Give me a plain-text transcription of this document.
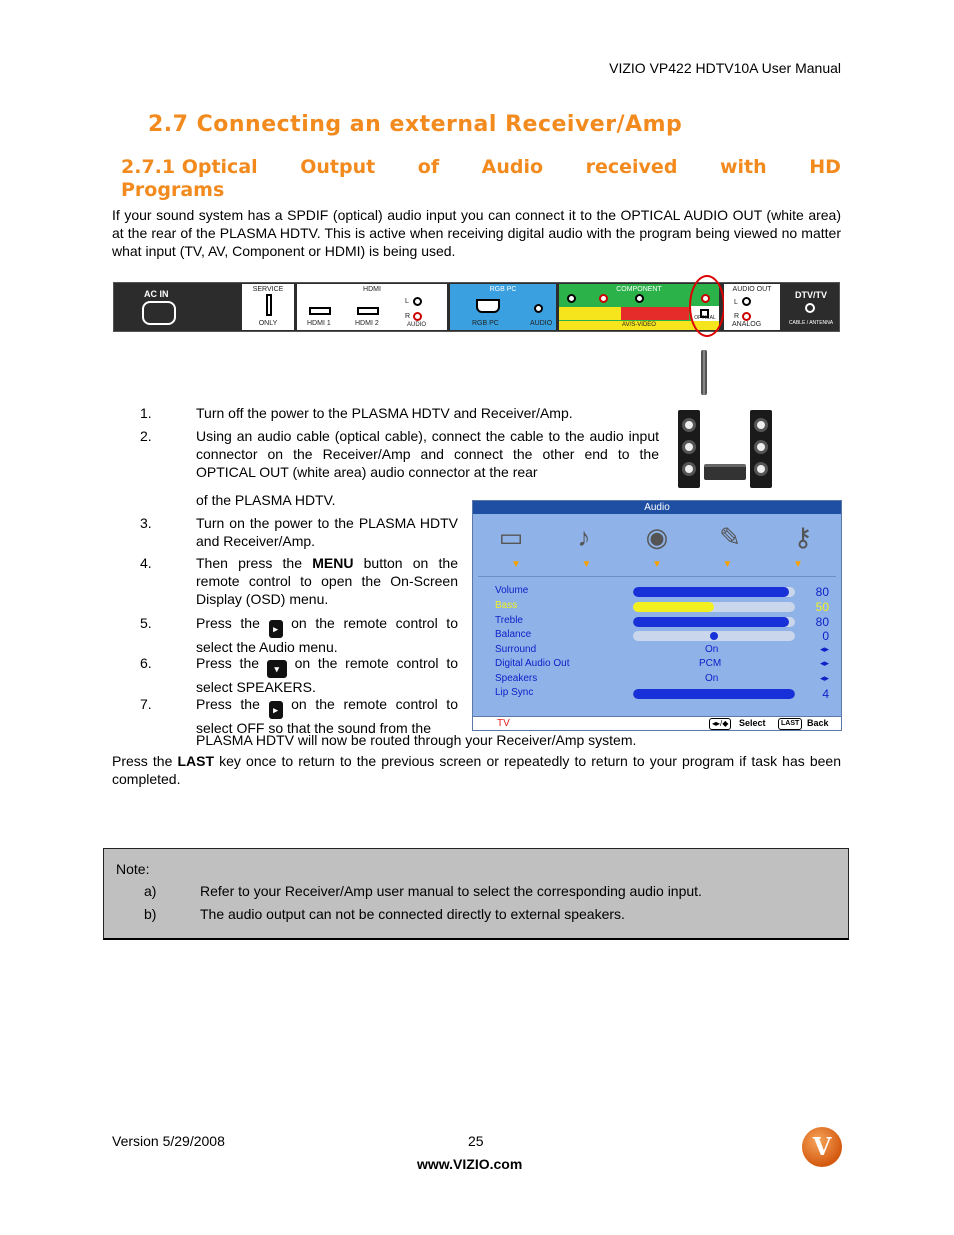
VIZIO VP422 HDTV10A User Manual
2.7 Connecting an external Receiver/Amp
2.7.1 Optical Output of Audio received with HD
Programs
If your sound system has a SPDIF (optical) audio input you can connect it to the OPTICAL AUDIO OUT (white area) at the rear of the PLASMA HDTV. This is active when receiving digital audio with the program being viewed no matter what input (TV, AV, Component or HDMI) is being used.
AC IN	SERVICE
ONLY
HDMI
HDMI 1	HDMI 2
L
R
AUDIO
RGB PC
RGB PC	AUDIO
COMPONENT
AV/S-VIDEO
OPTICAL
AUDIO OUT
L
R
ANALOG
DTV/TV
CABLE / ANTENNA
1.	Turn off the power to the PLASMA HDTV and Receiver/Amp.
2.	Using an audio cable (optical cable), connect the cable to the audio input connector on the Receiver/Amp and connect the other end to the OPTICAL OUT (white area) audio connector at the rear
of the PLASMA HDTV.
3.	Turn on the power to the PLASMA HDTV and Receiver/Amp.
4.	Then press the MENU button on the remote control to open the On-Screen Display (OSD) menu.
5.	Press the ▸ on the remote control to select the Audio menu.
6.	Press the ▾ on the remote control to select SPEAKERS.
7.	Press the ▸ on the remote control to select OFF so that the sound from the
PLASMA HDTV will now be routed through your Receiver/Amp system.
Audio
▭	♪	◉ ✎	⚷
▼	▼	▼	▼	▼
Volume	80
Bass	50
Treble	80
Balance	0
Surround	On	◂▸
Digital Audio Out	PCM	◂▸
Speakers	On	◂▸
Lip Sync	4
TV	◂▸/◆	Select	LAST Back
Press the LAST key once to return to the previous screen or repeatedly to return to your program if task has been completed.
Note:
a)	Refer to your Receiver/Amp user manual to select the corresponding audio input.
b)	The audio output can not be connected directly to external speakers.
Version 5/29/2008	25
www.VIZIO.com
V
